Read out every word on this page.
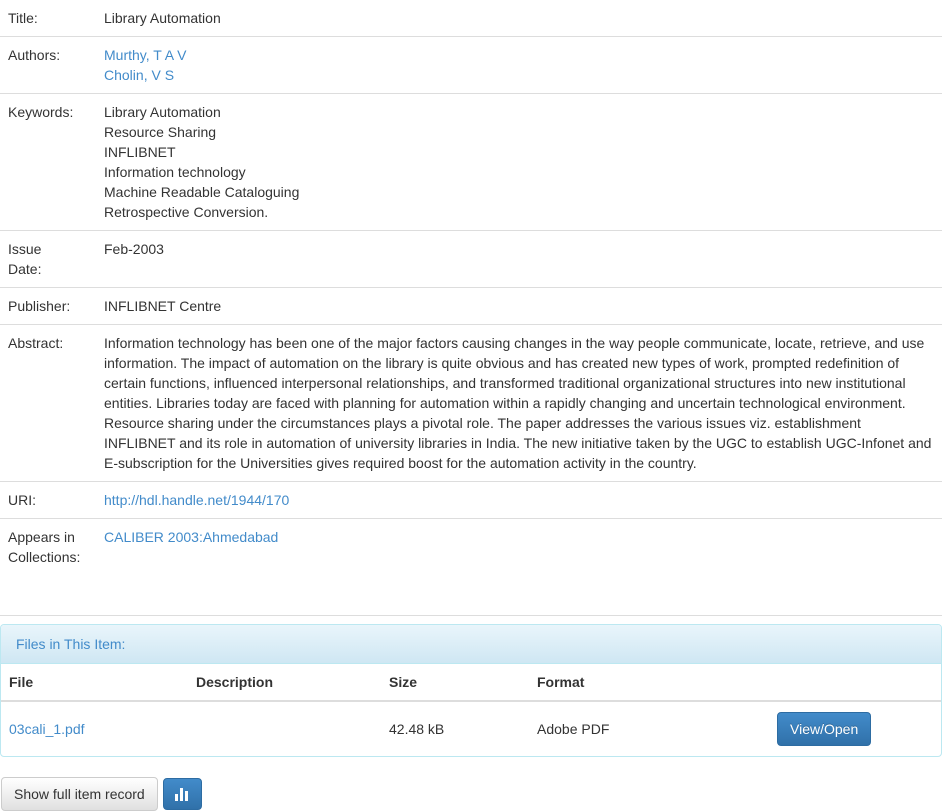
Title:	Library Automation

Authors:	Murthy, T A V
Cholin, V S

Keywords:	Library Automation
Resource Sharing
INFLIBNET
Information technology
Machine Readable Cataloguing
Retrospective Conversion.

Issue
Date:	Feb-2003

Publisher:	INFLIBNET Centre

Abstract:	Information technology has been one of the major factors causing changes in the way people communicate, locate, retrieve, and use information. The impact of automation on the library is quite obvious and has created new types of work, prompted redefinition of certain functions, influenced interpersonal relationships, and transformed traditional organizational structures into new institutional entities. Libraries today are faced with planning for automation within a rapidly changing and uncertain technological environment. Resource sharing under the circumstances plays a pivotal role. The paper addresses the various issues viz. establishment INFLIBNET and its role in automation of university libraries in India. The new initiative taken by the UGC to establish UGC-Infonet and E-subscription for the Universities gives required boost for the automation activity in the country.

URI:	http://hdl.handle.net/1944/170

Appears in
Collections:	CALIBER 2003:Ahmedabad
Files in This Item:
File	Description	Size	Format	
03cali_1.pdf		42.48 kB	Adobe PDF	View/Open
Show full item record
